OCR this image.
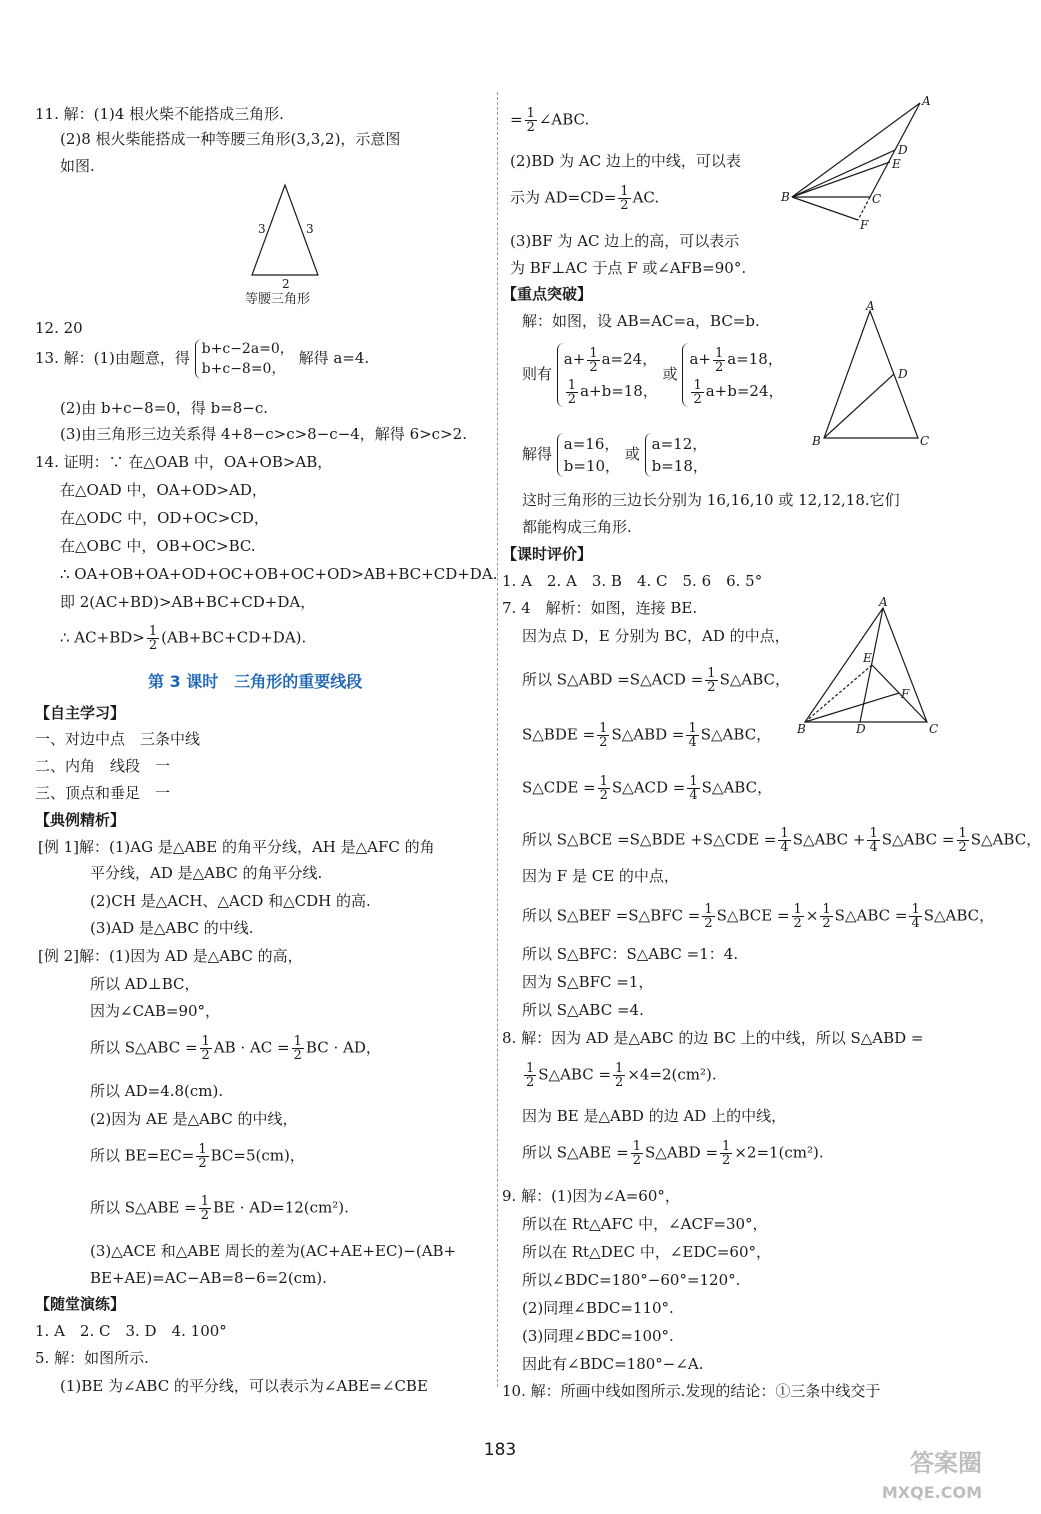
11. 解：(1)4 根火柴不能搭成三角形.
(2)8 根火柴能搭成一种等腰三角形(3,3,2)，示意图
如图.
3	3
2
等腰三角形
12. 20
13. 解：(1)由题意，得 b+c−2a=0，
b+c−8=0，
解得 a=4.
(2)由 b+c−8=0，得 b=8−c.
(3)由三角形三边关系得 4+8−c>c>8−c−4，解得 6>c>2.
14. 证明：∵ 在△OAB 中，OA+OB>AB，
在△OAD 中，OA+OD>AD，
在△ODC 中，OD+OC>CD，
在△OBC 中，OB+OC>BC.
∴ OA+OB+OA+OD+OC+OB+OC+OD>AB+BC+CD+DA.
即 2(AC+BD)>AB+BC+CD+DA，
∴ $AC+BD> \frac{1}{2} (AB+BC+CD+DA)$.
第 3 课时　三角形的重要线段
【自主学习】
一、对边中点　三条中线
二、内角　线段　一
三、顶点和垂足　一
【典例精析】
[例 1]解：(1)AG 是△ABE 的角平分线，AH 是△AFC 的角
平分线，AD 是△ABC 的角平分线.
(2)CH 是△ACH、△ACD 和△CDH 的高.
(3)AD 是△ABC 的中线.
[例 2]解：(1)因为 AD 是△ABC 的高，
所以 AD⊥BC，
因为∠CAB=90°，
所以 S△ABC = $\frac{1}{2}$ AB · AC = $\frac{1}{2}$ BC · AD，
所以 AD=4.8(cm).
(2)因为 AE 是△ABC 的中线，
所以 $BE=EC= \frac{1}{2} BC=5(cm)$，
所以 S△ABE = $\frac{1}{2}$ BE · AD=12(cm²).
(3)△ACE 和△ABE 周长的差为(AC+AE+EC)−(AB+
BE+AE)=AC−AB=8−6=2(cm).
【随堂演练】
1. A　2. C　3. D　4. 100°
5. 解：如图所示.
(1)BE 为∠ABC 的平分线，可以表示为∠ABE=∠CBE
= $\frac{1}{2}$ ∠ABC.
(2)BD 为 AC 边上的中线，可以表
示为 $AD=CD= \frac{1}{2}$ AC.
(3)BF 为 AC 边上的高，可以表示
为 BF⊥AC 于点 F 或∠AFB=90°.
A
B	C
D
E
F
【重点突破】
解：如图，设 AB=AC=a，BC=b.
则有
$a+ \frac{1}{2} a=24$，
$\frac{1}{2} a+b=18$，
或
$a+ \frac{1}{2} a=18$，
$\frac{1}{2} a+b=24$，
A
B	C
D
解得
a=16，
b=10，
或
a=12，
b=18，
这时三角形的三边长分别为 16,16,10 或 12,12,18.它们
都能构成三角形.
【课时评价】
1. A　2. A　3. B　4. C　5. 6　6. 5°
7. 4　解析：如图，连接 BE.
因为点 D，E 分别为 BC，AD 的中点，
A
B	C
D
E
F
所以 S△ABD =S△ACD = $\frac{1}{2}$ S△ABC，
S△BDE = $\frac{1}{2}$ S△ABD = $\frac{1}{4}$ S△ABC，
S△CDE = $\frac{1}{2}$ S△ACD = $\frac{1}{4}$ S△ABC，
所以 S△BCE =S△BDE +S△CDE = $\frac{1}{4}$ S△ABC + $\frac{1}{4}$ S△ABC = $\frac{1}{2}$ S△ABC，
因为 F 是 CE 的中点，
所以 S△BEF =S△BFC = $\frac{1}{2}$ S△BCE = $\frac{1}{2} \times \frac{1}{2}$ S△ABC = $\frac{1}{4}$ S△ABC，
所以 S△BFC：S△ABC =1：4.
因为 S△BFC =1，
所以 S△ABC =4.
8. 解：因为 AD 是△ABC 的边 BC 上的中线，所以 S△ABD =
$\frac{1}{2}$ S△ABC = $\frac{1}{2} \times 4=2(cm^2)$.
因为 BE 是△ABD 的边 AD 上的中线，
所以 S△ABE = $\frac{1}{2}$ S△ABD = $\frac{1}{2} \times 2=1(cm^2)$.
9. 解：(1)因为∠A=60°，
所以在 Rt△AFC 中，∠ACF=30°，
所以在 Rt△DEC 中，∠EDC=60°，
所以∠BDC=180°−60°=120°.
(2)同理∠BDC=110°.
(3)同理∠BDC=100°.
因此有∠BDC=180°−∠A.
10. 解：所画中线如图所示.发现的结论：①三条中线交于
183	答案圈
MXQE.COM
